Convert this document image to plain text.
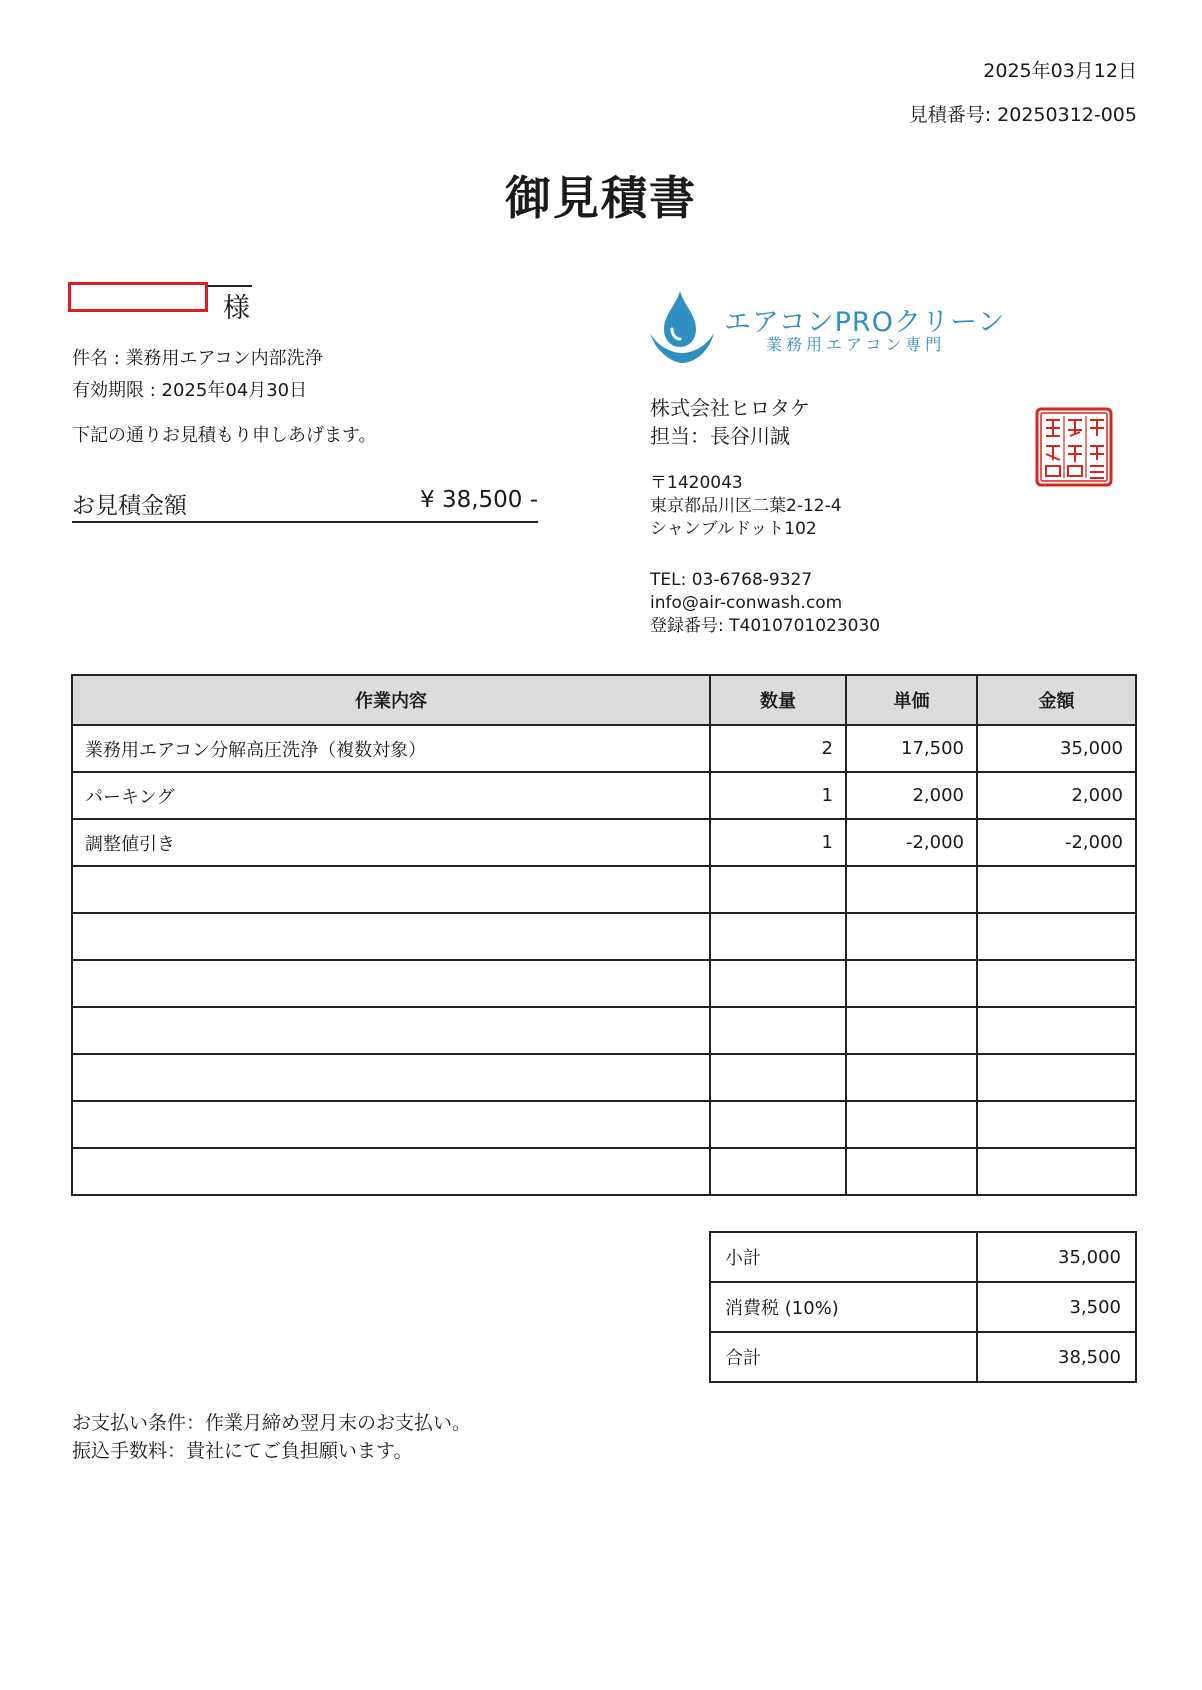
2025年03月12日
見積番号: 20250312-005
御見積書
様
件名 : 業務用エアコン内部洗浄
有効期限 : 2025年04月30日
下記の通りお見積もり申しあげます。
お見積金額	¥ 38,500 -
エアコンPROクリーン
業務用エアコン専門
株式会社ヒロタケ
担当：長谷川誠
〒1420043
東京都品川区二葉2-12-4
シャンブルドット102
TEL: 03-6768-9327
info@air-conwash.com
登録番号: T4010701023030
作業内容	数量	単価	金額
業務用エアコン分解高圧洗浄（複数対象）	2	17,500	35,000
パーキング	1	2,000	2,000
調整値引き	1	-2,000	-2,000

小計	35,000
消費税 (10%)	3,500
合計	38,500
お支払い条件：作業月締め翌月末のお支払い。
振込手数料：貴社にてご負担願います。
